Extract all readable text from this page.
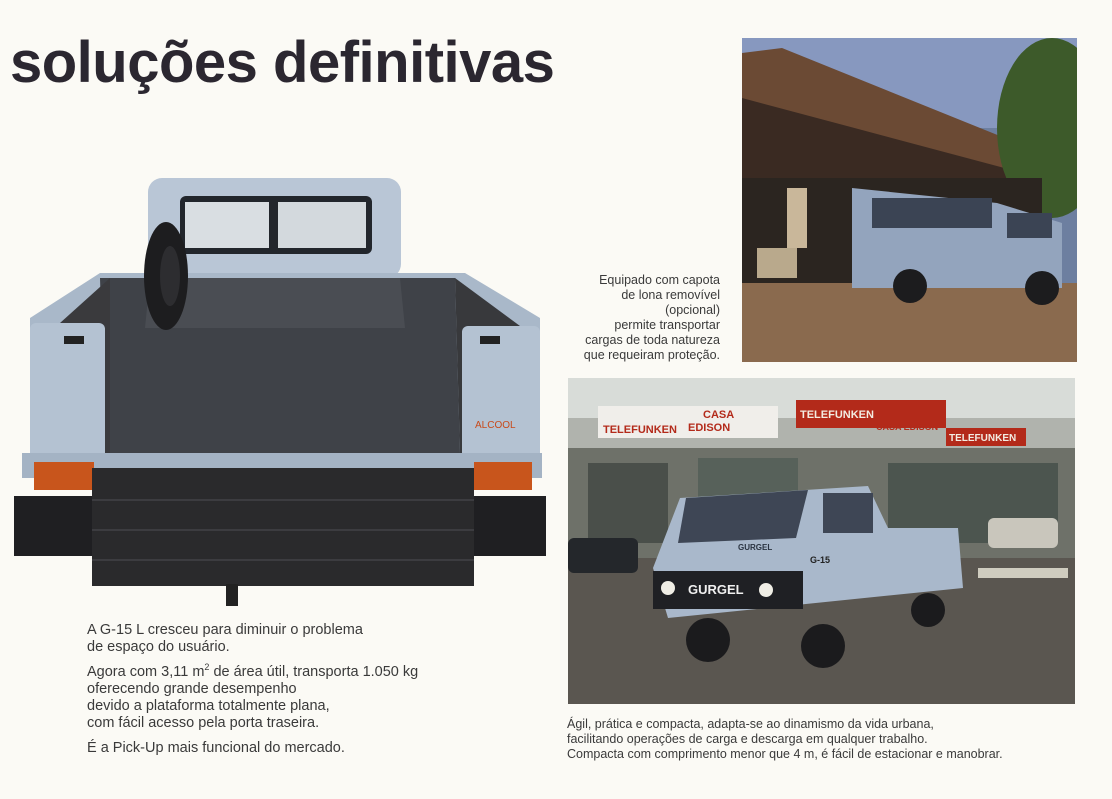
soluções definitivas
ALCOOL
Equipado com capota
de lona removível
(opcional)
permite transportar
cargas de toda natureza
que requeiram proteção.
TELEFUNKEN
CASA
EDISON
TELEFUNKEN
CASA EDISON
TELEFUNKEN
GURGEL
GURGEL
G-15

A G-15 L cresceu para diminuir o problema
de espaço do usuário.

Agora com 3,11 $m^2$ de área útil, transporta 1.050 kg
oferecendo grande desempenho
devido a plataforma totalmente plana,
com fácil acesso pela porta traseira.

É a Pick-Up mais funcional do mercado.

Ágil, prática e compacta, adapta-se ao dinamismo da vida urbana,
facilitando operações de carga e descarga em qualquer trabalho.
Compacta com comprimento menor que 4 m, é fácil de estacionar e manobrar.
